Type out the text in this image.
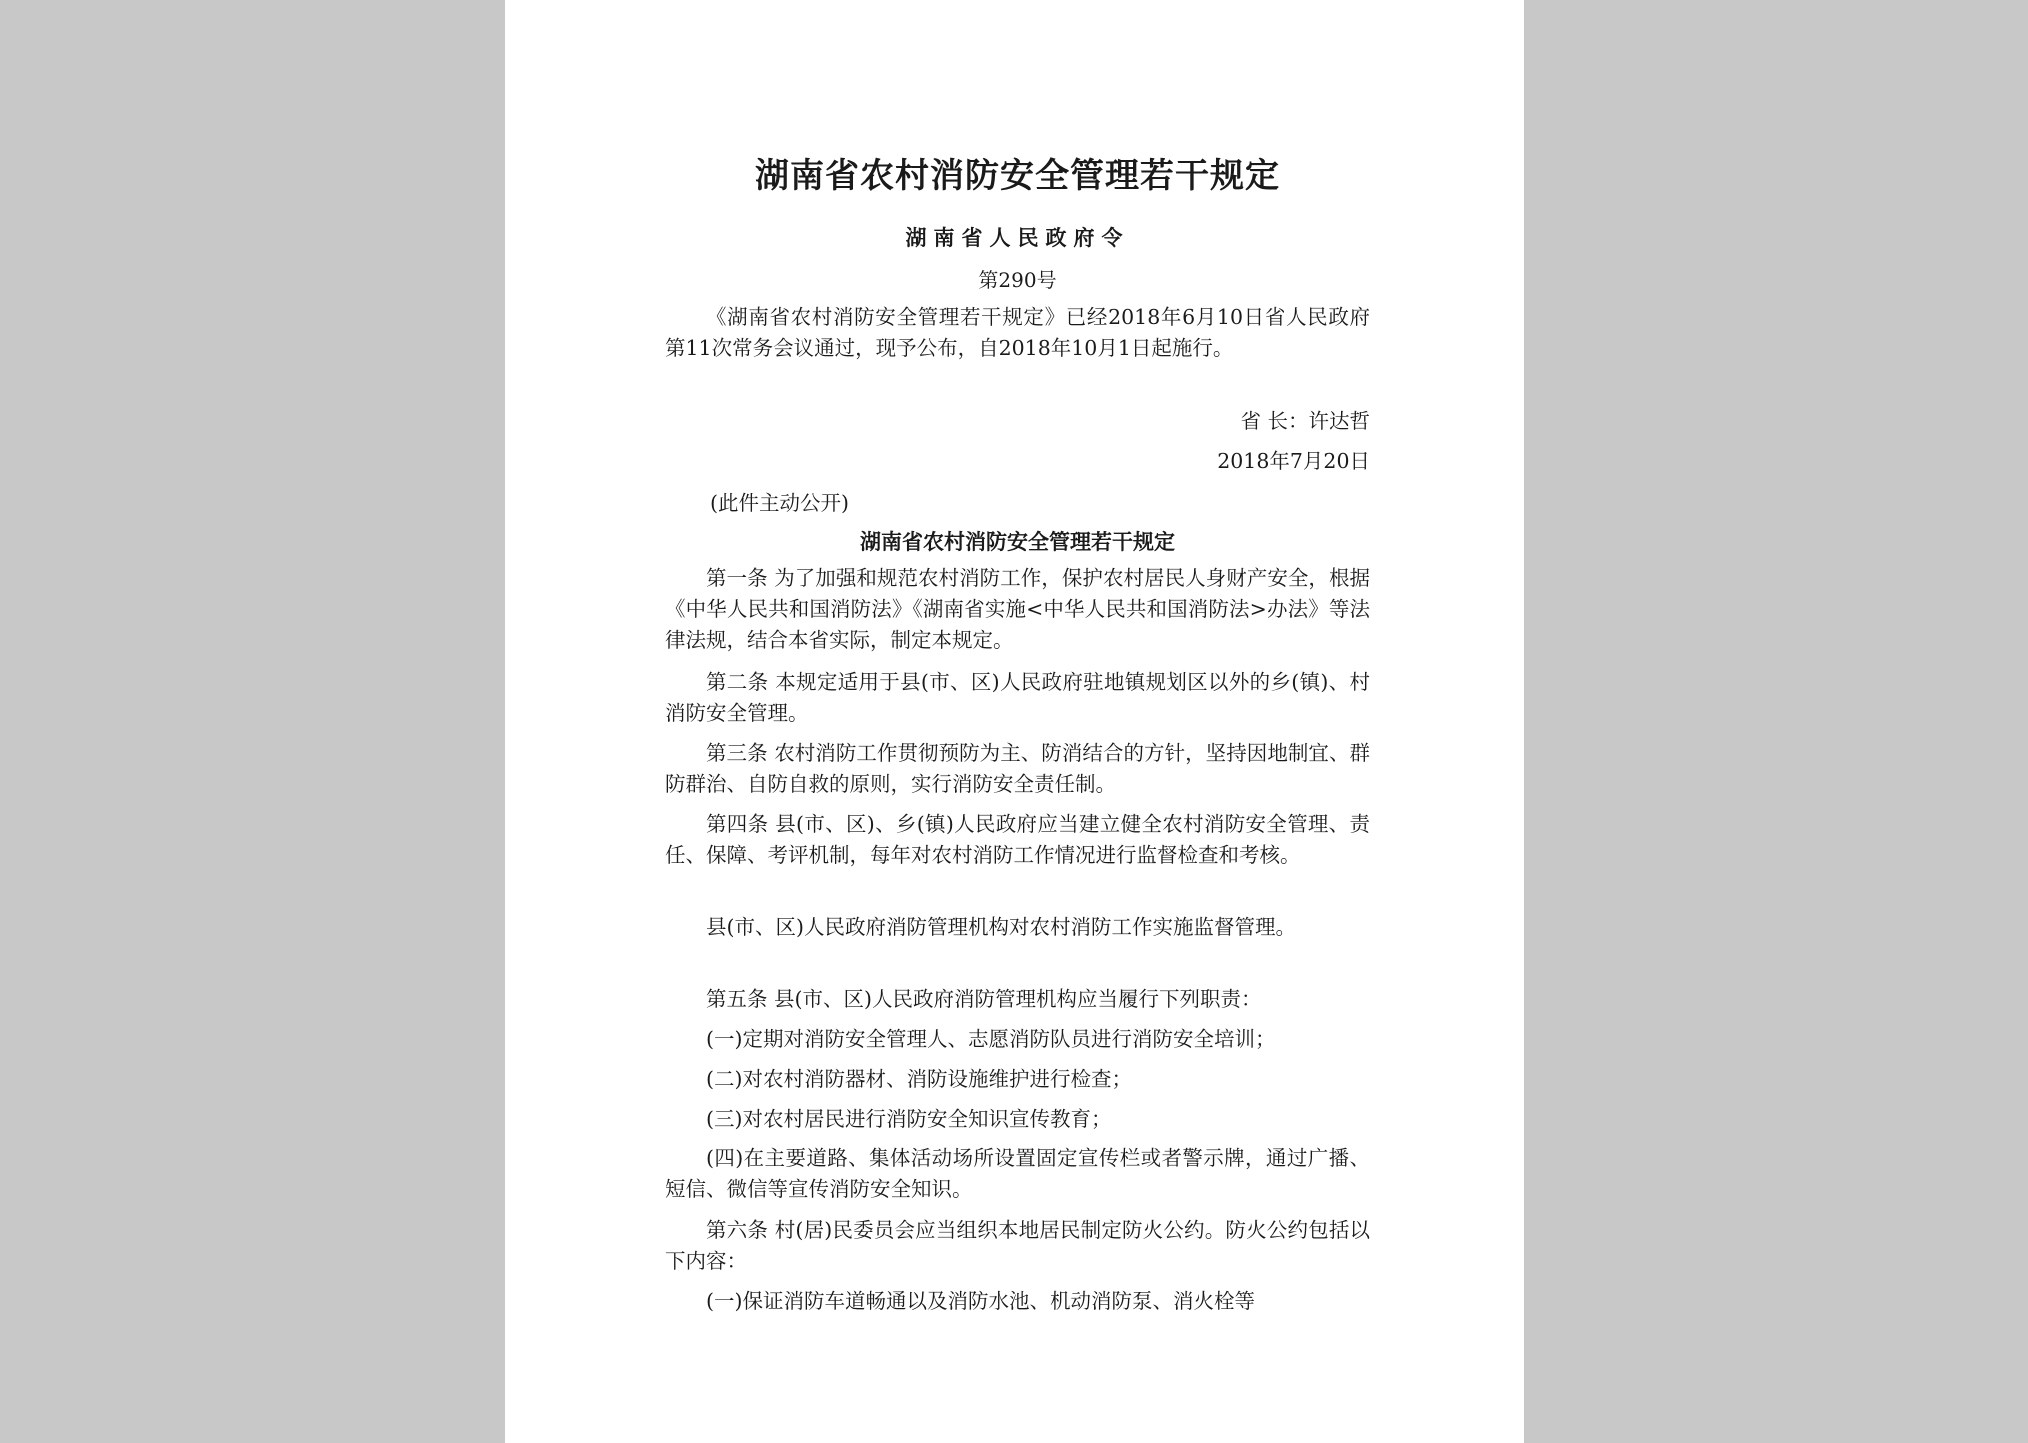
湖南省农村消防安全管理若干规定
湖南省人民政府令
第290号

《湖南省农村消防安全管理若干规定》已经2018年6月10日省人民政府第11次常务会议通过，现予公布，自2018年10月1日起施行。

省 长：许达哲
2018年7月20日
(此件主动公开)
湖南省农村消防安全管理若干规定

第一条 为了加强和规范农村消防工作，保护农村居民人身财产安全，根据《中华人民共和国消防法》《湖南省实施<中华人民共和国消防法>办法》等法律法规，结合本省实际，制定本规定。

第二条 本规定适用于县(市、区)人民政府驻地镇规划区以外的乡(镇)、村消防安全管理。

第三条 农村消防工作贯彻预防为主、防消结合的方针，坚持因地制宜、群防群治、自防自救的原则，实行消防安全责任制。

第四条 县(市、区)、乡(镇)人民政府应当建立健全农村消防安全管理、责任、保障、考评机制，每年对农村消防工作情况进行监督检查和考核。

县(市、区)人民政府消防管理机构对农村消防工作实施监督管理。

第五条 县(市、区)人民政府消防管理机构应当履行下列职责：

(一)定期对消防安全管理人、志愿消防队员进行消防安全培训；

(二)对农村消防器材、消防设施维护进行检查；

(三)对农村居民进行消防安全知识宣传教育；

(四)在主要道路、集体活动场所设置固定宣传栏或者警示牌，通过广播、短信、微信等宣传消防安全知识。

第六条 村(居)民委员会应当组织本地居民制定防火公约。防火公约包括以下内容：

(一)保证消防车道畅通以及消防水池、机动消防泵、消火栓等
